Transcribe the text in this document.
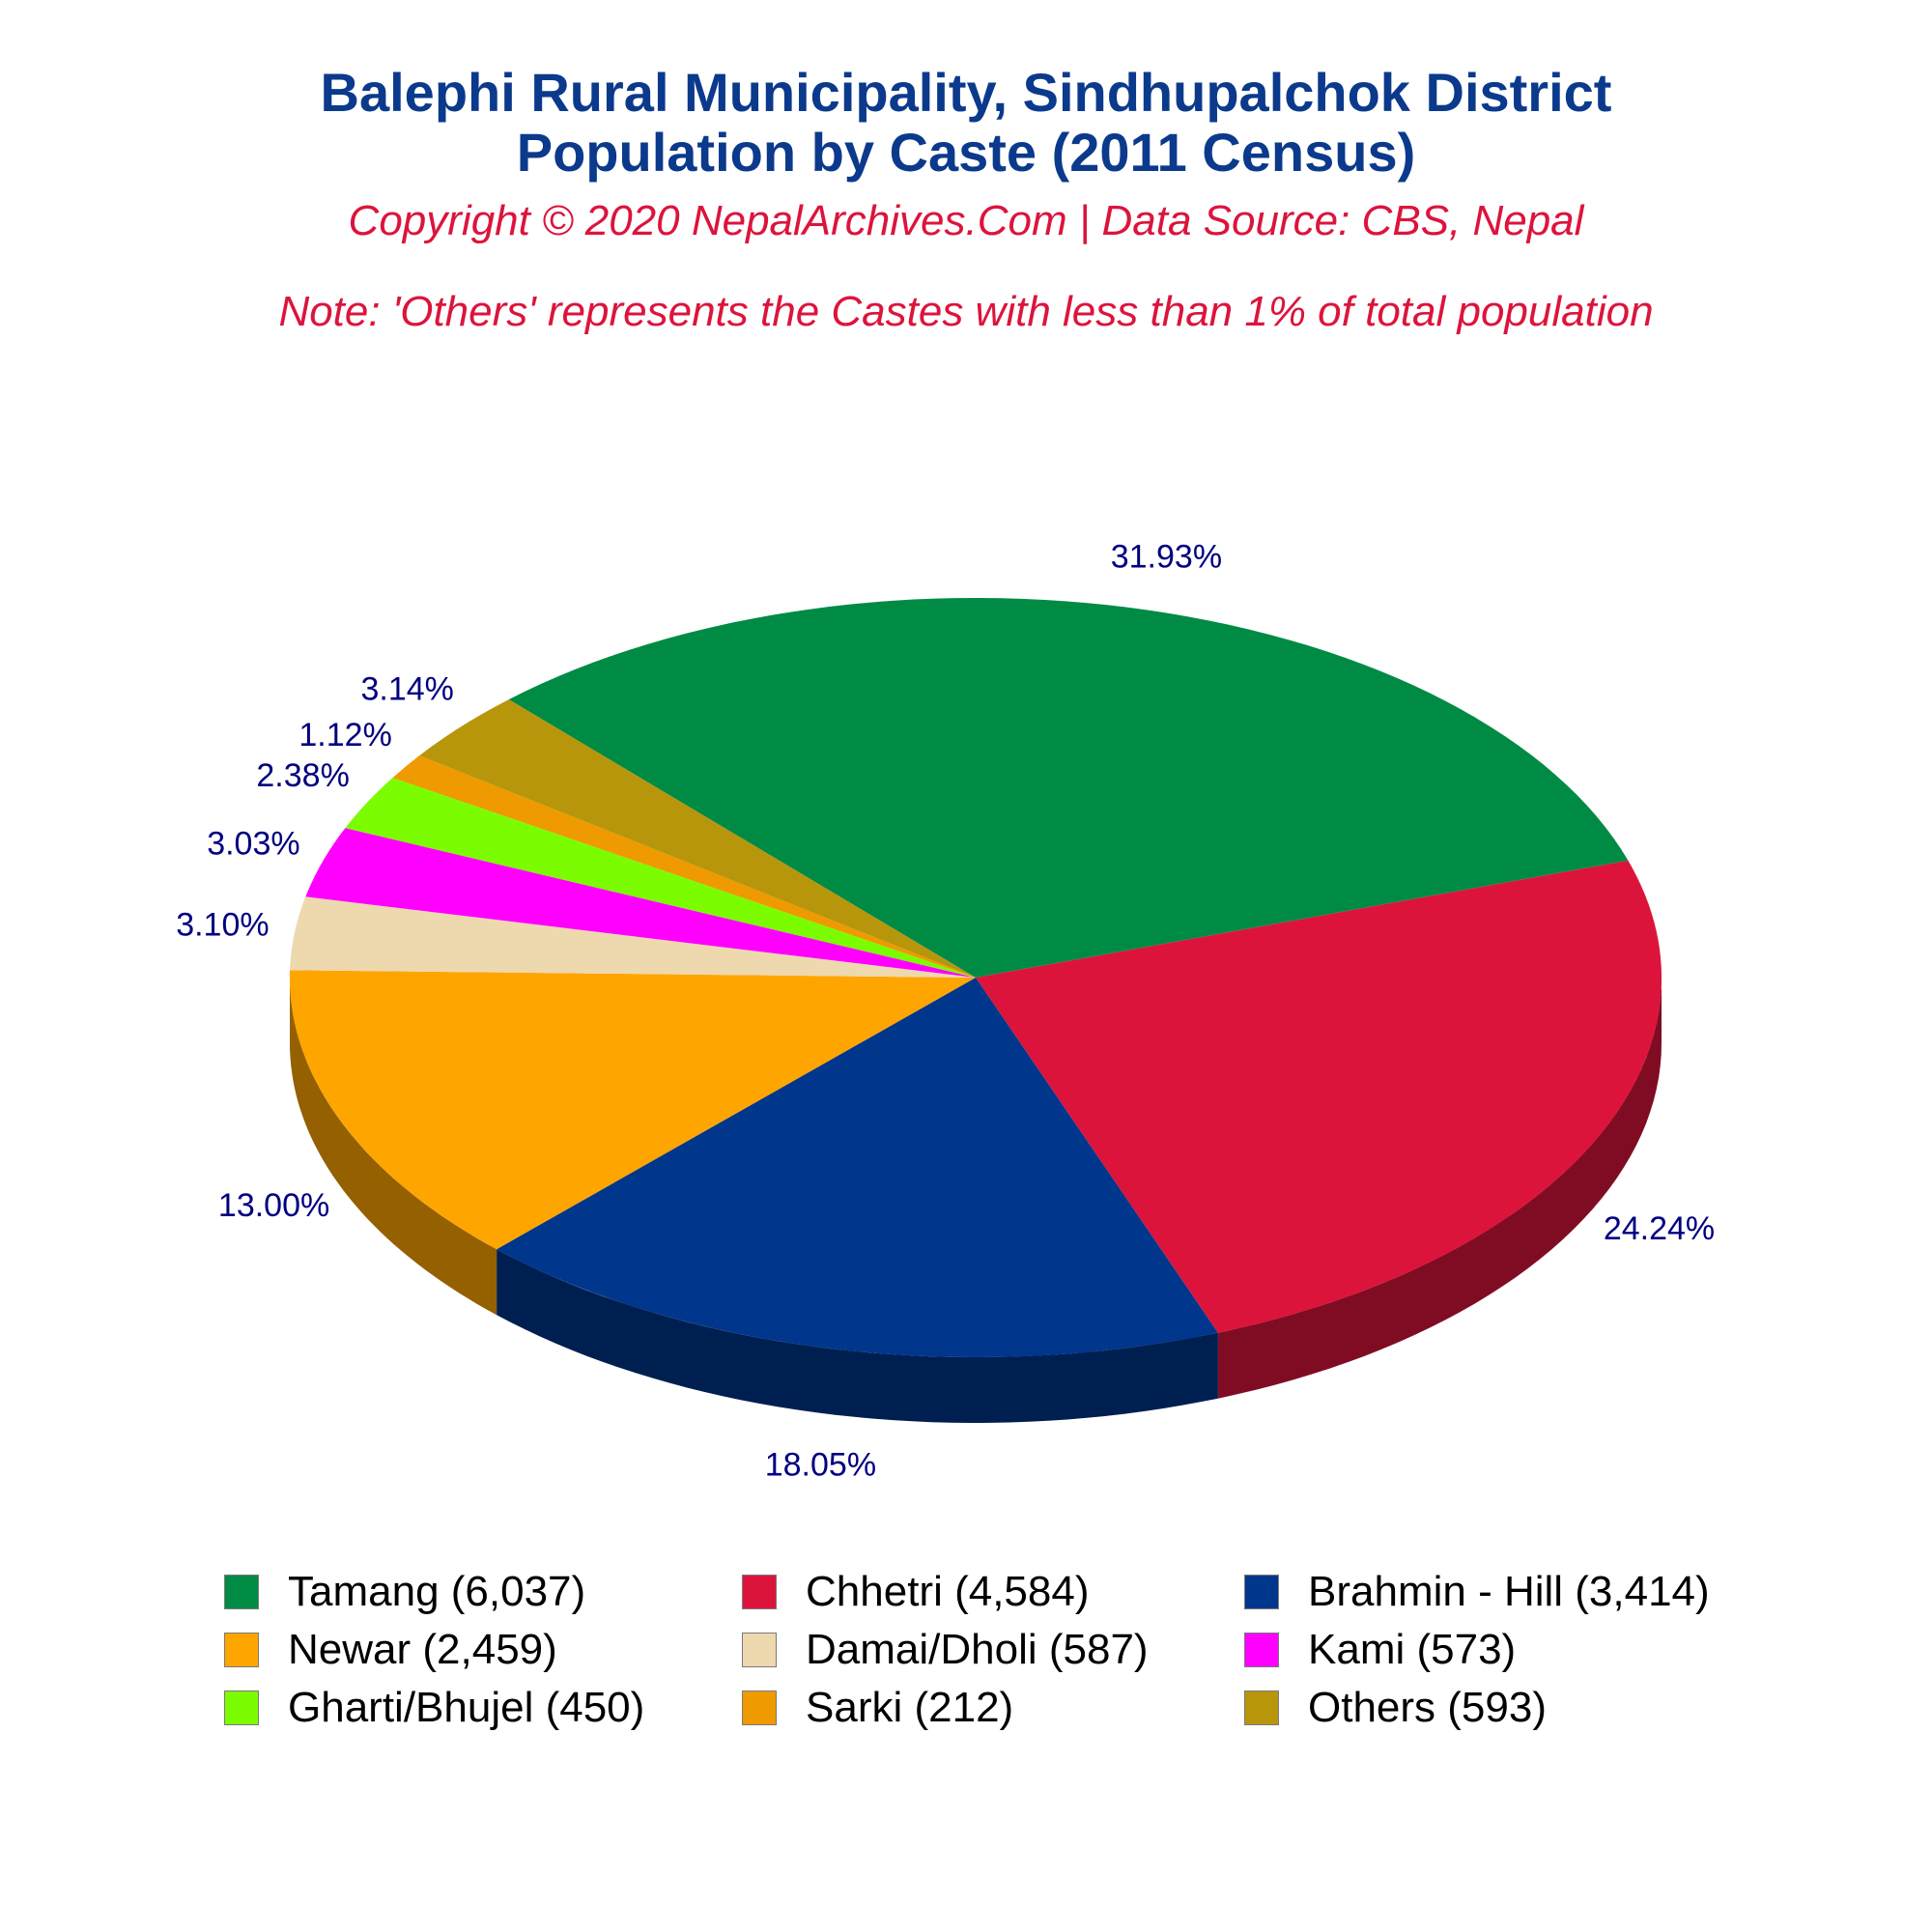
Balephi Rural Municipality, Sindhupalchok District
Population by Caste (2011 Census)
Copyright © 2020 NepalArchives.Com | Data Source: CBS, Nepal
Note: 'Others' represents the Castes with less than 1% of total population
31.93%
24.24%
18.05%
13.00%
3.10%
3.03%
2.38%
1.12%
3.14%
Tamang (6,037)	Chhetri (4,584)	Brahmin - Hill (3,414)
Newar (2,459)	Damai/Dholi (587)	Kami (573)
Gharti/Bhujel (450)	Sarki (212)	Others (593)
